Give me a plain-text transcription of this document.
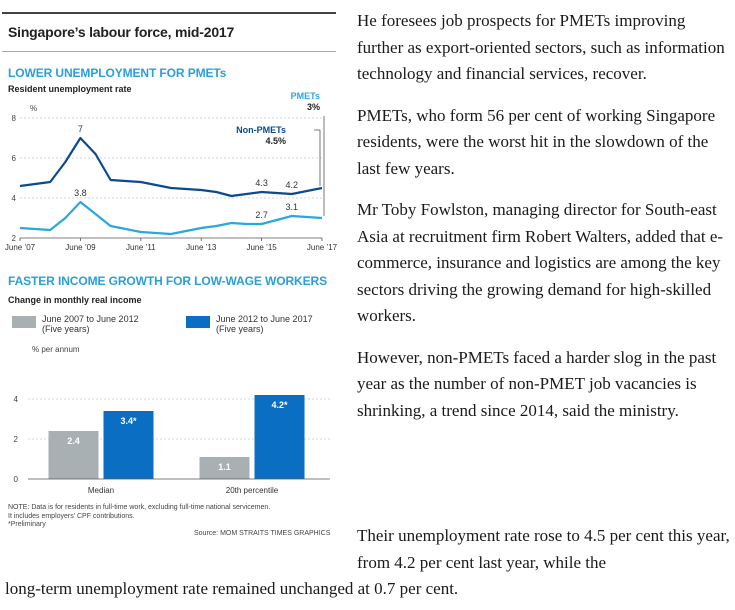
Singapore’s labour force, mid-2017
LOWER UNEMPLOYMENT FOR PMETs
Resident unemployment rate
%
8
6
4
2
June ’07	June ’09	June ’11	June ’13	June ’15	June ’17
7
3.8
4.3 4.2
2.7
3.1
PMETs
3%
Non-PMETs
4.5%
FASTER INCOME GROWTH FOR LOW-WAGE WORKERS
Change in monthly real income
June 2007 to June 2012
(Five years)
June 2012 to June 2017
(Five years)
% per annum
4
2
0
2.4
3.4*
Median
1.1
4.2*
20th percentile
NOTE: Data is for residents in full-time work, excluding full-time national servicemen.
It includes employers’ CPF contributions.
*Preliminary
Source: MOM STRAITS TIMES GRAPHICS

He foresees job prospects for PMETs improving further as export-oriented sectors, such as information technology and financial services, recover.

PMETs, who form 56 per cent of working Singapore residents, were the worst hit in the slowdown of the last few years.

Mr Toby Fowlston, managing director for South-east Asia at recruitment firm Robert Walters, added that e-commerce, insurance and logistics are among the key sectors driving the growing demand for high-skilled workers.

However, non-PMETs faced a harder slog in the past year as the number of non-PMET job vacancies is shrinking, a trend since 2014, said the ministry.

Their unemployment rate rose to 4.5 per cent this year, from 4.2 per cent last year, while the
long-term unemployment rate remained unchanged at 0.7 per cent.
